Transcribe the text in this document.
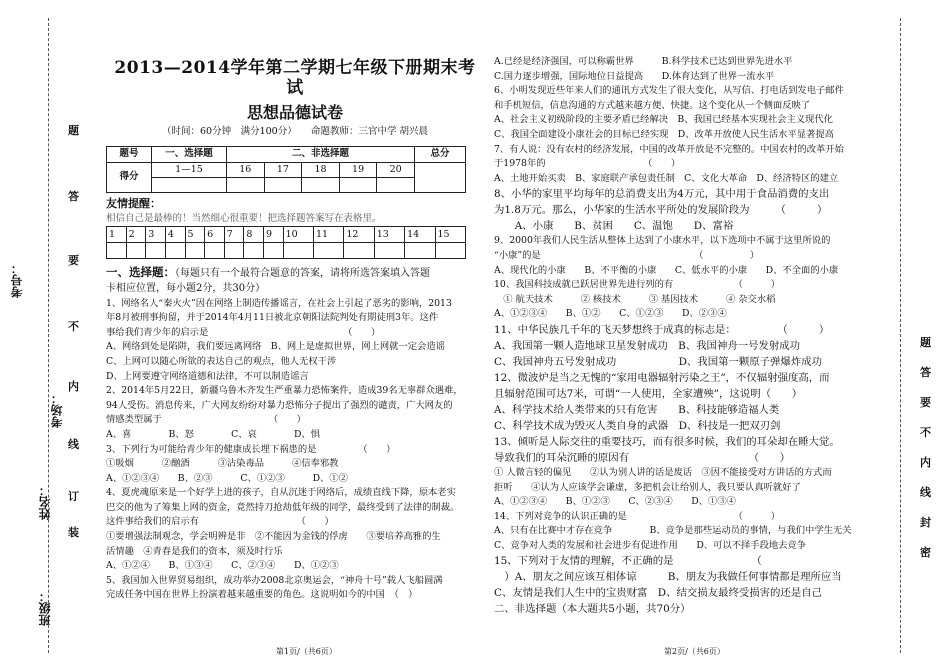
题
答
要
不
内
线
订
装
考号：
考场：
姓名：
班级：
2013—2014学年第二学期七年级下册期末考试
思想品德试卷
（时间：60分钟　满分100分）　　命题教师：三官中学 胡兴晨
题号	一、选择题	二、非选择题					总分
得分	1—15	16	17	18	19	20	

友情提醒：
相信自己是最棒的！当然细心很重要！把选择题答案写在表格里。
1	2	3	4	5	6	7	8	9	10	11	12	13	14	15

一、选择题：（每题只有一个最符合题意的答案，请将所选答案填入答题
卡相应位置，每小题2分，共30分）
1、网络名人“秦火火”因在网络上制造传播谣言，在社会上引起了恶劣的影响，2013
年8月被刑事拘留，并于2014年4月11日被北京朝阳法院判处有期徒刑3年。这件
事给我们青少年的启示是　　　　　　　　　　　　　　　（　　）
A、网络到处是陷阱，我们要远离网络　B、网上是虚拟世界，网上网就一定会造谣
C、上网可以随心所欲的表达自己的观点，他人无权干涉
D、上网要遵守网络道德和法律，不可以制造谣言
2、2014年5月22日，新疆乌鲁木齐发生严重暴力恐怖案件，造成39名无辜群众遇难，
94人受伤。消息传来，广大网友纷纷对暴力恐怖分子提出了强烈的谴责，广大网友的
情感类型属于　　　　　　　　　　　　（　　）
A、喜　　　　B、怒　　　　C、哀　　　　D、惧
3、下列行为可能给青少年的健康成长埋下祸患的是　　　　　（　　）
①吸烟　　　②酗酒　　　③沾染毒品　　　④信奉邪教
A、①②③④　　B、②③　　　C、①②③　　　D、①②
4、夏虎魂原来是一个好学上进的孩子，自从沉迷于网络后，成绩直线下降，原本老实
巴交的他为了筹集上网的资金，竟然持刀抢劫低年级的同学，最终受到了法律的制裁。
这件事给我们的启示有　　　　　　　　　　　（　　）
①要增强法制观念，学会明辨是非　②不能因为金钱的俘虏　　③要培养高雅的生
活情趣　④青春是我们的资本，须及时行乐
A、①②④　　B、①③④　　C、②③④　　D、①②③
5、我国加入世界贸易组织，成功举办2008北京奥运会，“神舟十号”载人飞船圆满
完成任务中国在世界上扮演着越来越重要的角色。这说明如今的中国　（　）
A.已经是经济强国，可以称霸世界　　　B.科学技术已达到世界先进水平
C.国力逐步增强，国际地位日益提高　　D.体育达到了世界一流水平
6、小明发现近些年来人们的通讯方式发生了很大变化，从写信、打电话到发电子邮件
和手机短信，信息沟通的方式越来越方便、快捷。这个变化从一个侧面反映了
A、社会主义初级阶段的主要矛盾已经解决　B、我国已经基本实现社会主义现代化
C、我国全面建设小康社会的目标已经实现　D、改革开放使人民生活水平显著提高
7、有人说：没有农村的经济发展，中国的改革开放是不完整的。中国农村的改革开始
于1978年的　　　　　　　　　　　（　　）
A、土地开始买卖　B、家庭联产承包责任制　C、文化大革命　D、经济特区的建立
8、小华的家里平均每年的总消费支出为4万元，其中用于食品消费的支出
为1.8万元。那么，小华家的生活水平所处的发展阶段为　　　（　　　）
　　A、小康　　B、贫困　　C、温饱　　D、富裕
9、2000年我们人民生活从整体上达到了小康水平，以下选项中不属于这里所说的
“小康”的是　　　　　　　　　　　　　　　　　（　　　　　）
A、现代化的小康　　B、不平衡的小康　　C、低水平的小康　　D、不全面的小康
10、我国科技成就已跃居世界先进行列的有　　　　　　　（　　　）
　① 航天技术　　　② 核技术　　　③ 基因技术　　　④ 杂交水稻
A、①②③④　　B、①②　　C、①②③　　D、②③④
11、中华民族几千年的飞天梦想终于成真的标志是：　　　　　（　　　）
A、我国第一颗人造地球卫星发射成功　B、我国神舟一号发射成功
C、我国神舟五号发射成功　　　　　　D、我国第一颗原子弹爆炸成功
12、微波炉是当之无愧的“家用电器辐射污染之王”，不仅辐射强度高，而
且辐射范围可达7米，可谓“一人使用，全家遭殃”，这说明（　　）
A、科学技术给人类带来的只有危害　　B、科技能够造福人类
C、科学技术成为毁灭人类自身的武器　D、科技是一把双刃剑
13、倾听是人际交往的重要技巧，而有很多时候，我们的耳朵却在睡大觉。
导致我们的耳朵沉睡的原因有　　　　　　　　　　　　（　　）
① 人微言轻的偏见　　②认为别人讲的话是废话　③因不能接受对方讲话的方式而
拒听　　④认为人应该学会谦虚，多把机会让给别人，我只要认真听就好了
A、①②③④　　B、①②③　　C、②③④　　D、①③④
14、下列对竞争的认识正确的是　　　　　　　　　　　　（　　　）
A、只有在比赛中才存在竞争　　　　B、竞争是那些运动员的事情，与我们中学生无关
C、竞争对人类的发展和社会进步有促进作用　　D、可以不择手段地去竞争
15、下列对于友情的理解，不正确的是　　　　　　　　（
　）A、朋友之间应该互相体谅　　　B、朋友为我做任何事情都是理所应当
C、友情是我们人生中的宝贵财富　D、结交损友最终受损害的还是自己
二、非选择题（本大题共5小题，共70分）
题
答
要
不
内
线
封
密
第1页/（共6页）	第2页/（共6页）
